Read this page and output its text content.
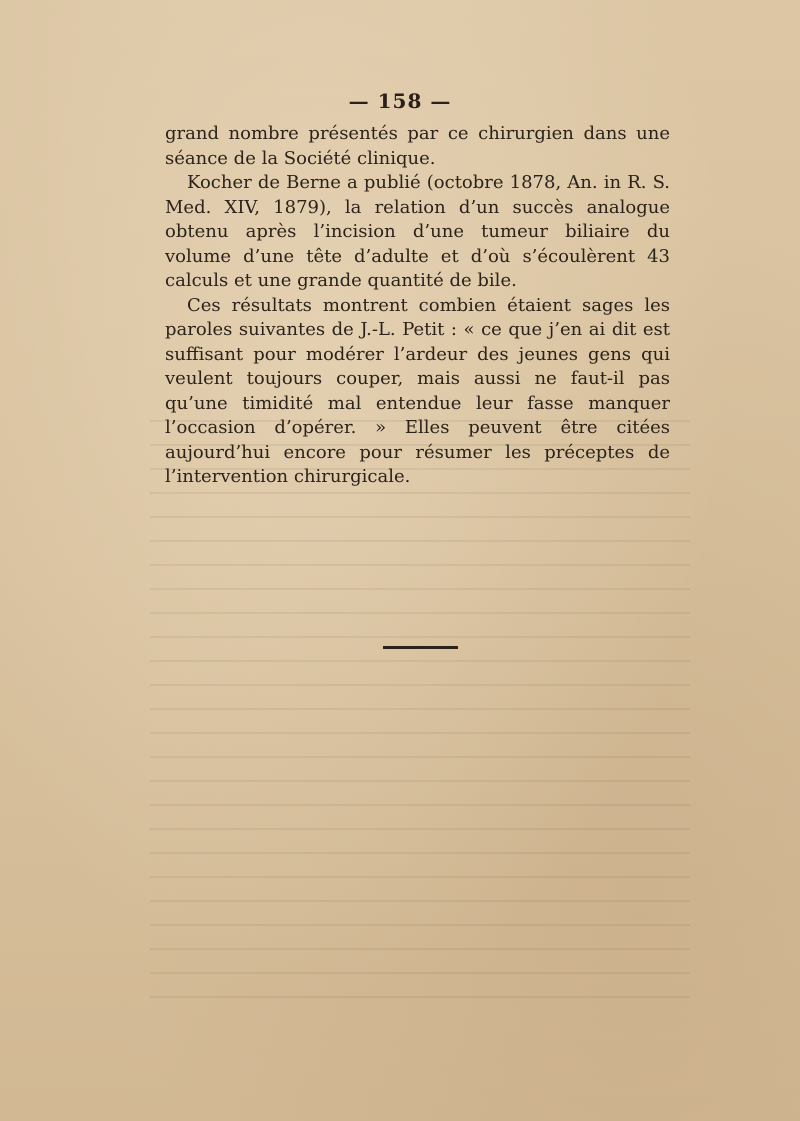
— 158 —

grand nombre présentés par ce chirurgien dans une séance de la Société clinique.

Kocher de Berne a publié (octobre 1878, An. in R. S. Med. XIV, 1879), la relation d’un succès analogue obtenu après l’incision d’une tumeur biliaire du volume d’une tête d’adulte et d’où s’écoulèrent 43 calculs et une grande quantité de bile.

Ces résultats montrent combien étaient sages les paroles suivantes de J.-L. Petit : « ce que j’en ai dit est suffisant pour modérer l’ardeur des jeunes gens qui veulent toujours couper, mais aussi ne faut-il pas qu’une timidité mal entendue leur fasse manquer l’occasion d’opérer. » Elles peuvent être citées aujourd’hui encore pour résumer les préceptes de l’intervention chirurgicale.
